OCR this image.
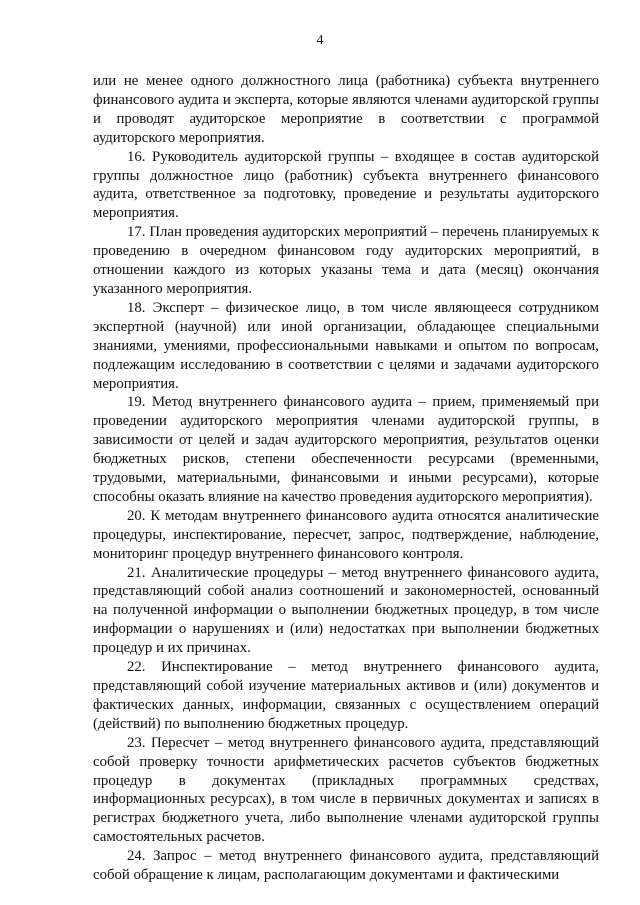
4

или не менее одного должностного лица (работника) субъекта внутреннего финансового аудита и эксперта, которые являются членами аудиторской группы и проводят аудиторское мероприятие в соответствии с программой аудиторского мероприятия.

16. Руководитель аудиторской группы – входящее в состав аудиторской группы должностное лицо (работник) субъекта внутреннего финансового аудита, ответственное за подготовку, проведение и результаты аудиторского мероприятия.

17. План проведения аудиторских мероприятий – перечень планируемых к проведению в очередном финансовом году аудиторских мероприятий, в отношении каждого из которых указаны тема и дата (месяц) окончания указанного мероприятия.

18. Эксперт – физическое лицо, в том числе являющееся сотрудником экспертной (научной) или иной организации, обладающее специальными знаниями, умениями, профессиональными навыками и опытом по вопросам, подлежащим исследованию в соответствии с целями и задачами аудиторского мероприятия.

19. Метод внутреннего финансового аудита – прием, применяемый при проведении аудиторского мероприятия членами аудиторской группы, в зависимости от целей и задач аудиторского мероприятия, результатов оценки бюджетных рисков, степени обеспеченности ресурсами (временными, трудовыми, материальными, финансовыми и иными ресурсами), которые способны оказать влияние на качество проведения аудиторского мероприятия).

20. К методам внутреннего финансового аудита относятся аналитические процедуры, инспектирование, пересчет, запрос, подтверждение, наблюдение, мониторинг процедур внутреннего финансового контроля.

21. Аналитические процедуры – метод внутреннего финансового аудита, представляющий собой анализ соотношений и закономерностей, основанный на полученной информации о выполнении бюджетных процедур, в том числе информации о нарушениях и (или) недостатках при выполнении бюджетных процедур и их причинах.

22. Инспектирование – метод внутреннего финансового аудита, представляющий собой изучение материальных активов и (или) документов и фактических данных, информации, связанных с осуществлением операций (действий) по выполнению бюджетных процедур.

23. Пересчет – метод внутреннего финансового аудита, представляющий собой проверку точности арифметических расчетов субъектов бюджетных процедур в документах (прикладных программных средствах, информационных ресурсах), в том числе в первичных документах и записях в регистрах бюджетного учета, либо выполнение членами аудиторской группы самостоятельных расчетов.

24. Запрос – метод внутреннего финансового аудита, представляющий собой обращение к лицам, располагающим документами и фактическими
